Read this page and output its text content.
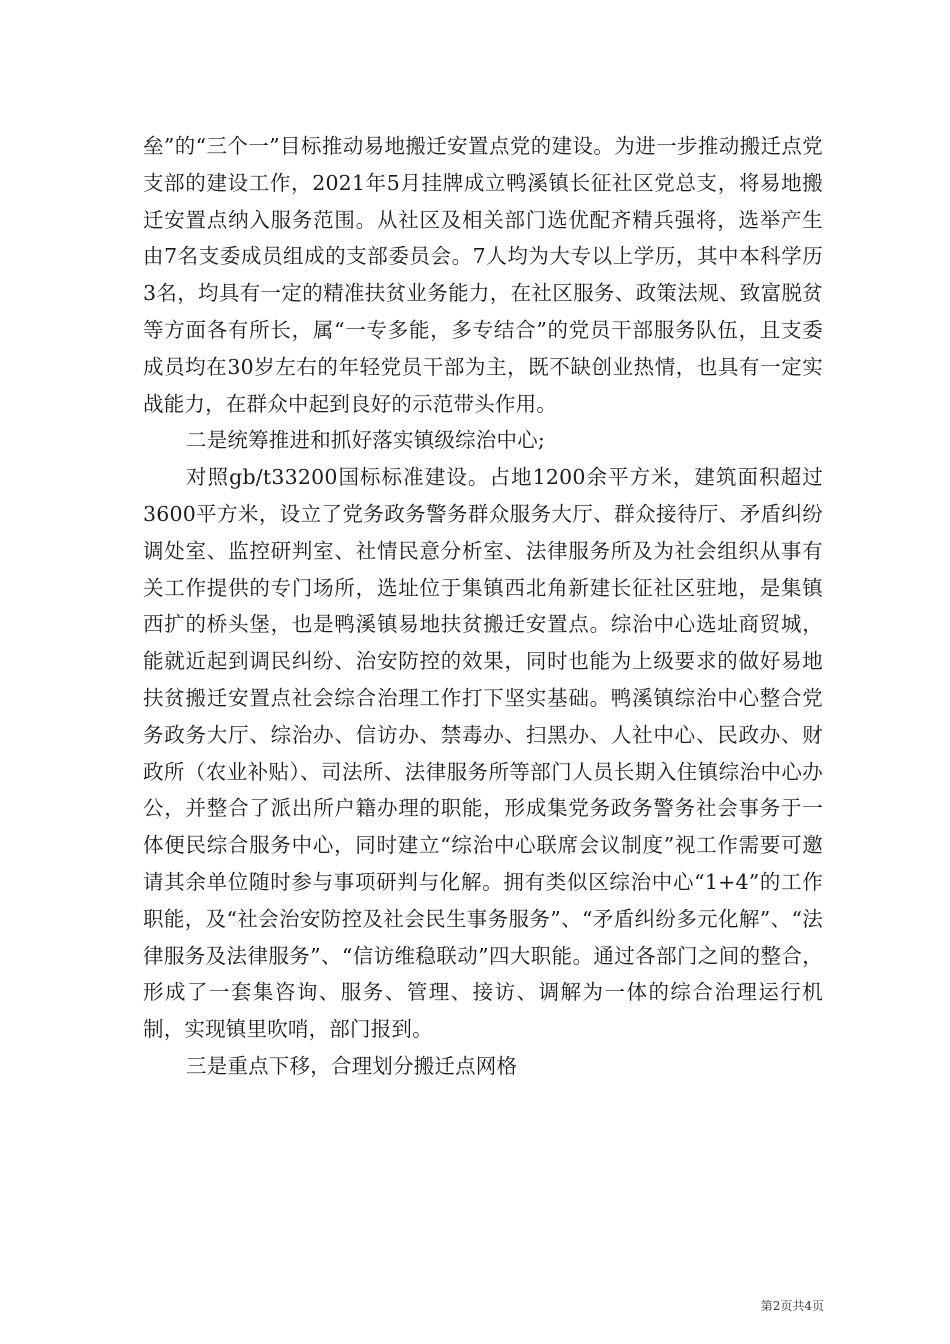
垒”的“三个一”目标推动易地搬迁安置点党的建设。为进一步推动搬迁点党支部的建设工作，2021年5月挂牌成立鸭溪镇长征社区党总支，将易地搬迁安置点纳入服务范围。从社区及相关部门选优配齐精兵强将，选举产生由7名支委成员组成的支部委员会。7人均为大专以上学历，其中本科学历3名，均具有一定的精准扶贫业务能力，在社区服务、政策法规、致富脱贫等方面各有所长，属“一专多能，多专结合”的党员干部服务队伍，且支委成员均在30岁左右的年轻党员干部为主，既不缺创业热情，也具有一定实战能力，在群众中起到良好的示范带头作用。

二是统筹推进和抓好落实镇级综治中心;

对照gb/t33200国标标准建设。占地1200余平方米，建筑面积超过3600平方米，设立了党务政务警务群众服务大厅、群众接待厅、矛盾纠纷调处室、监控研判室、社情民意分析室、法律服务所及为社会组织从事有关工作提供的专门场所，选址位于集镇西北角新建长征社区驻地，是集镇西扩的桥头堡，也是鸭溪镇易地扶贫搬迁安置点。综治中心选址商贸城，能就近起到调民纠纷、治安防控的效果，同时也能为上级要求的做好易地扶贫搬迁安置点社会综合治理工作打下坚实基础。鸭溪镇综治中心整合党务政务大厅、综治办、信访办、禁毒办、扫黑办、人社中心、民政办、财政所（农业补贴）、司法所、法律服务所等部门人员长期入住镇综治中心办公，并整合了派出所户籍办理的职能，形成集党务政务警务社会事务于一体便民综合服务中心，同时建立“综治中心联席会议制度”视工作需要可邀请其余单位随时参与事项研判与化解。拥有类似区综治中心“1+4”的工作职能，及“社会治安防控及社会民生事务服务”、“矛盾纠纷多元化解”、“法律服务及法律服务”、“信访维稳联动”四大职能。通过各部门之间的整合，形成了一套集咨询、服务、管理、接访、调解为一体的综合治理运行机制，实现镇里吹哨，部门报到。

三是重点下移，合理划分搬迁点网格

第2页共4页
